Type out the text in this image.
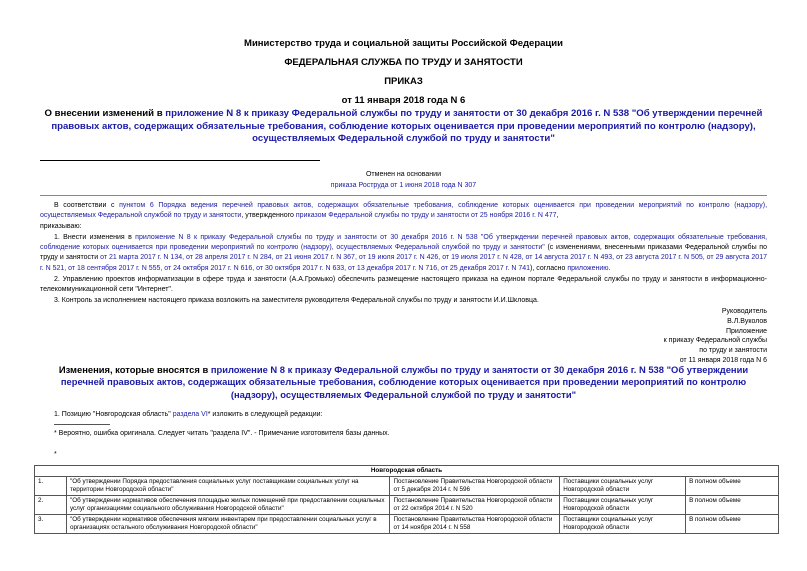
Министерство труда и социальной защиты Российской Федерации
ФЕДЕРАЛЬНАЯ СЛУЖБА ПО ТРУДУ И ЗАНЯТОСТИ
ПРИКАЗ
от 11 января 2018 года N 6
О внесении изменений в приложение N 8 к приказу Федеральной службы по труду и занятости от 30 декабря 2016 г. N 538 "Об утверждении перечней правовых актов, содержащих обязательные требования, соблюдение которых оценивается при проведении мероприятий по контролю (надзору), осуществляемых Федеральной службой по труду и занятости"
Отменен на основании
приказа Роструда от 1 июня 2018 года N 307
В соответствии с пунктом 6 Порядка ведения перечней правовых актов, содержащих обязательные требования, соблюдение которых оценивается при проведении мероприятий по контролю (надзору), осуществляемых Федеральной службой по труду и занятости, утвержденного приказом Федеральной службы по труду и занятости от 25 ноября 2016 г. N 477,
приказываю:
1. Внести изменения в приложение N 8 к приказу Федеральной службы по труду и занятости от 30 декабря 2016 г. N 538 "Об утверждении перечней правовых актов, содержащих обязательные требования, соблюдение которых оценивается при проведении мероприятий по контролю (надзору), осуществляемых Федеральной службой по труду и занятости" (с изменениями, внесенными приказами Федеральной службы по труду и занятости от 21 марта 2017 г. N 134, от 28 апреля 2017 г. N 284, от 21 июня 2017 г. N 367, от 19 июля 2017 г. N 426, от 19 июля 2017 г. N 428, от 14 августа 2017 г. N 493, от 23 августа 2017 г. N 505, от 29 августа 2017 г. N 521, от 18 сентября 2017 г. N 555, от 24 октября 2017 г. N 616, от 30 октября 2017 г. N 633, от 13 декабря 2017 г. N 716, от 25 декабря 2017 г. N 741), согласно приложению.
2. Управлению проектов информатизации в сфере труда и занятости (А.А.Громыко) обеспечить размещение настоящего приказа на едином портале Федеральной службы по труду и занятости в информационно-телекоммуникационной сети "Интернет".
3. Контроль за исполнением настоящего приказа возложить на заместителя руководителя Федеральной службы по труду и занятости И.И.Шкловца.
Руководитель
В.Л.Вуколов
Приложение
к приказу Федеральной службы
по труду и занятости
от 11 января 2018 года N 6
Изменения, которые вносятся в приложение N 8 к приказу Федеральной службы по труду и занятости от 30 декабря 2016 г. N 538 "Об утверждении перечней правовых актов, содержащих обязательные требования, соблюдение которых оценивается при проведении мероприятий по контролю (надзору), осуществляемых Федеральной службой по труду и занятости"
1. Позицию "Новгородская область" раздела VI* изложить в следующей редакции:
* Вероятно, ошибка оригинала. Следует читать "раздела IV". - Примечание изготовителя базы данных.
*
Новгородская область				
1.	"Об утверждении Порядка предоставления социальных услуг поставщиками социальных услуг на территории Новгородской области"	Постановление Правительства Новгородской области от 5 декабря 2014 г. N 596	Поставщики социальных услуг Новгородской области	В полном объеме
2.	"Об утверждении нормативов обеспечения площадью жилых помещений при предоставлении социальных услуг организациями социального обслуживания Новгородской области"	Постановление Правительства Новгородской области от 22 октября 2014 г. N 520	Поставщики социальных услуг Новгородской области	В полном объеме
3.	"Об утверждении нормативов обеспечения мягким инвентарем при предоставлении социальных услуг в организациях остального обслуживания Новгородской области"	Постановление Правительства Новгородской области от 14 ноября 2014 г. N 558	Поставщики социальных услуг Новгородской области	В полном объеме
